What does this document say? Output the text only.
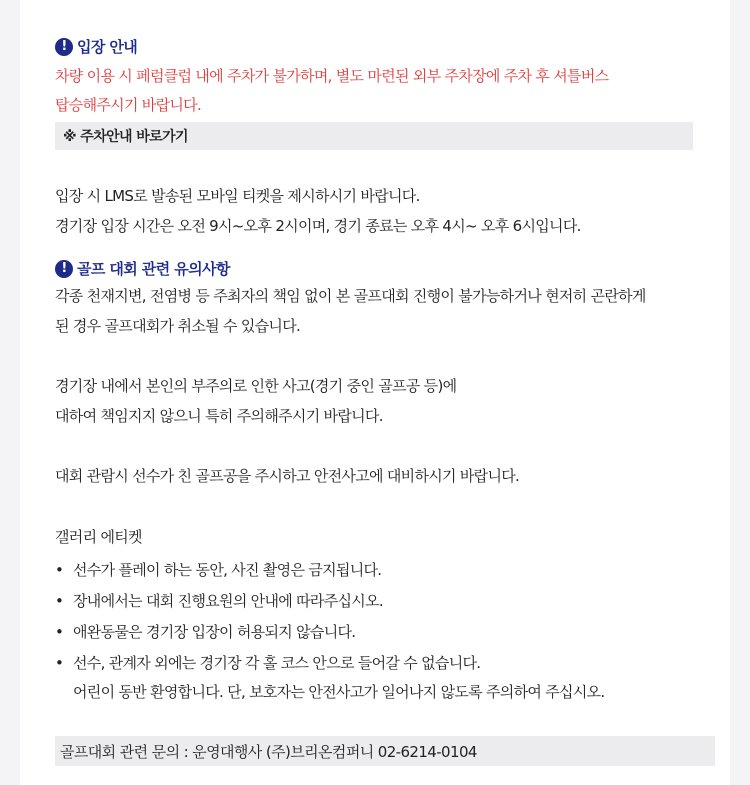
! 입장 안내
차량 이용 시 페럼클럽 내에 주차가 불가하며, 별도 마련된 외부 주차장에 주차 후 셔틀버스
탑승해주시기 바랍니다.
※ 주차안내 바로가기
입장 시 LMS로 발송된 모바일 티켓을 제시하시기 바랍니다.
경기장 입장 시간은 오전 9시~오후 2시이며, 경기 종료는 오후 4시~ 오후 6시입니다.
! 골프 대회 관련 유의사항
각종 천재지변, 전염병 등 주최자의 책임 없이 본 골프대회 진행이 불가능하거나 현저히 곤란하게
된 경우 골프대회가 취소될 수 있습니다.
경기장 내에서 본인의 부주의로 인한 사고(경기 중인 골프공 등)에
대하여 책임지지 않으니 특히 주의해주시기 바랍니다.
대회 관람시 선수가 친 골프공을 주시하고 안전사고에 대비하시기 바랍니다.
갤러리 에티켓
• 선수가 플레이 하는 동안, 사진 촬영은 금지됩니다.
• 장내에서는 대회 진행요원의 안내에 따라주십시오.
• 애완동물은 경기장 입장이 허용되지 않습니다.
• 선수, 관계자 외에는 경기장 각 홀 코스 안으로 들어갈 수 없습니다.
어린이 동반 환영합니다. 단, 보호자는 안전사고가 일어나지 않도록 주의하여 주십시오.
골프대회 관련 문의 : 운영대행사 (주)브리온컴퍼니 02-6214-0104
